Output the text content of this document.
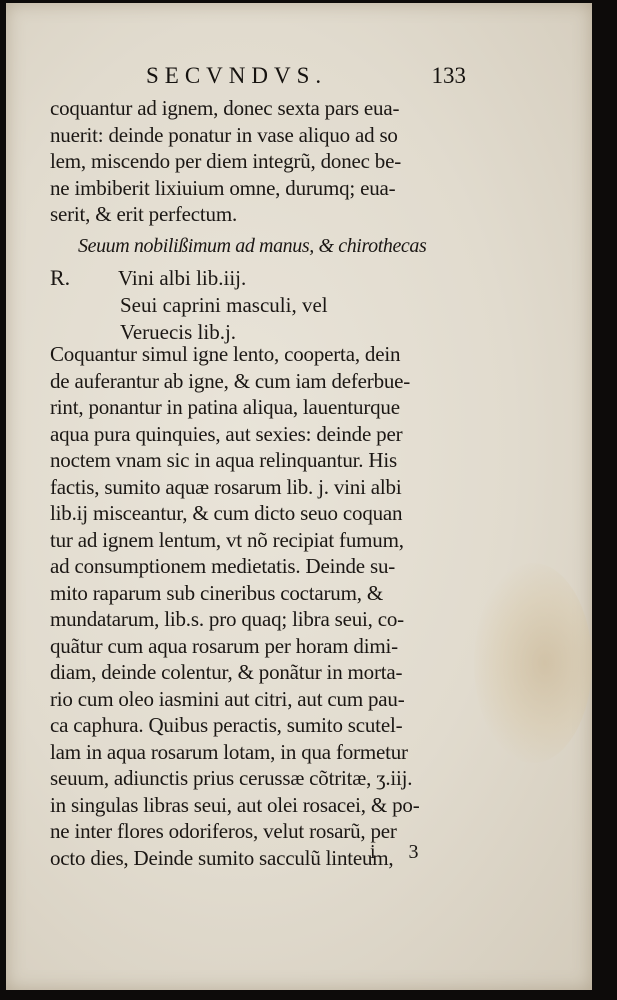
SECVNDVS.	133
coquantur ad ignem, donec sexta pars eua-
nuerit: deinde ponatur in vase aliquo ad so
lem, miscendo per diem integrũ, donec be-
ne imbiberit lixiuium omne, durumq; eua-
serit, & erit perfectum.
Seuum nobilißimum ad manus, & chirothecas
R. Vini albi lib.iij.
Seui caprini masculi, vel
Veruecis lib.j.
Coquantur simul igne lento, cooperta, dein
de auferantur ab igne, & cum iam deferbue-
rint, ponantur in patina aliqua, lauenturque
aqua pura quinquies, aut sexies: deinde per
noctem vnam sic in aqua relinquantur. His
factis, sumito aquæ rosarum lib. j. vini albi
lib.ij misceantur, & cum dicto seuo coquan
tur ad ignem lentum, vt nõ recipiat fumum,
ad consumptionem medietatis. Deinde su-
mito raparum sub cineribus coctarum, &
mundatarum, lib.s. pro quaq; libra seui, co-
quãtur cum aqua rosarum per horam dimi-
diam, deinde colentur, & ponãtur in morta-
rio cum oleo iasmini aut citri, aut cum pau-
ca caphura. Quibus peractis, sumito scutel-
lam in aqua rosarum lotam, in qua formetur
seuum, adiunctis prius cerussæ cõtritæ, ʒ.iij.
in singulas libras seui, aut olei rosacei, & po-
ne inter flores odoriferos, velut rosarũ, per
octo dies, Deinde sumito sacculũ linteum,
i 3
